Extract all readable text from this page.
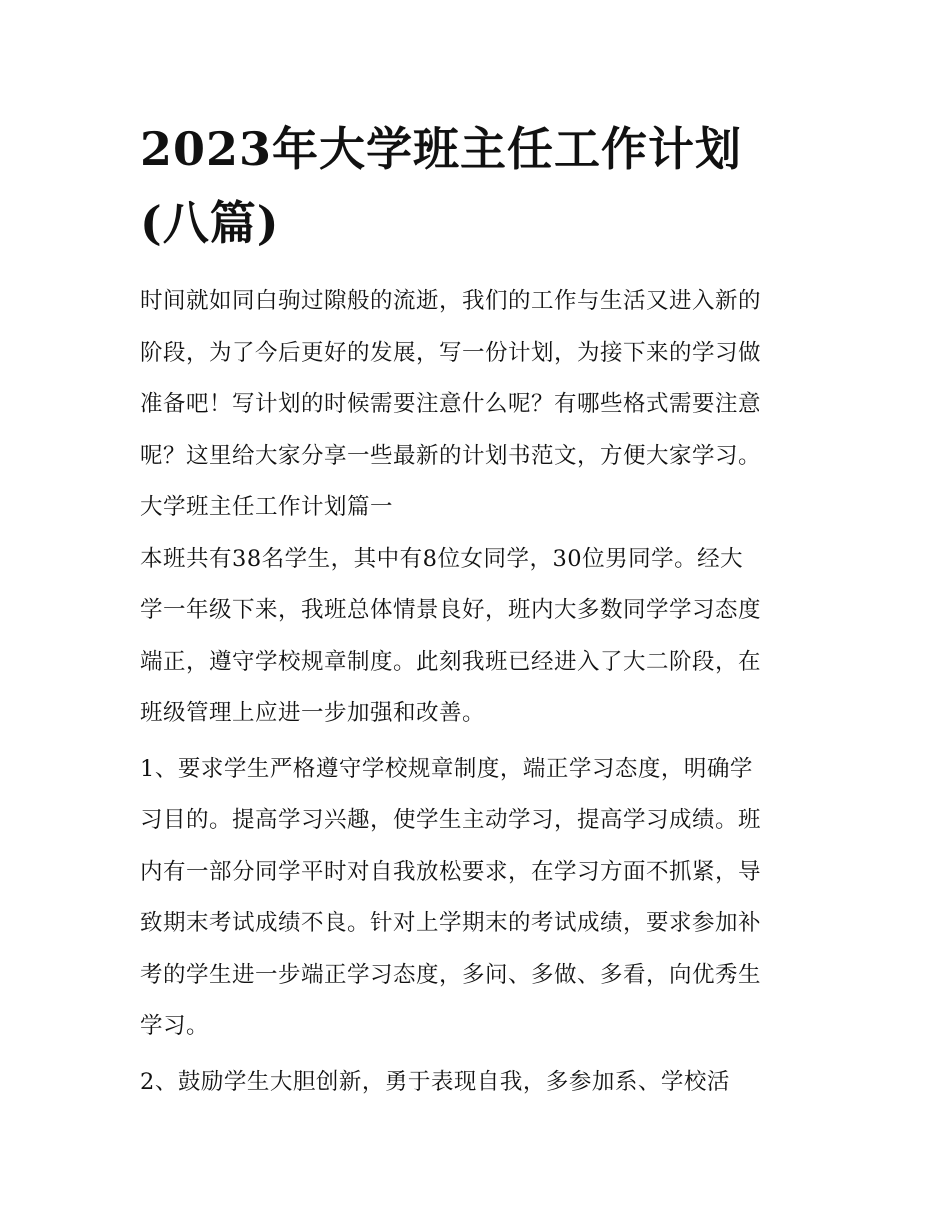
2023年大学班主任工作计划
(八篇)
时间就如同白驹过隙般的流逝，我们的工作与生活又进入新的
阶段，为了今后更好的发展，写一份计划，为接下来的学习做
准备吧！写计划的时候需要注意什么呢？有哪些格式需要注意
呢？这里给大家分享一些最新的计划书范文，方便大家学习。
大学班主任工作计划篇一
本班共有38名学生，其中有8位女同学，30位男同学。经大
学一年级下来，我班总体情景良好，班内大多数同学学习态度
端正，遵守学校规章制度。此刻我班已经进入了大二阶段，在
班级管理上应进一步加强和改善。
1、要求学生严格遵守学校规章制度，端正学习态度，明确学
习目的。提高学习兴趣，使学生主动学习，提高学习成绩。班
内有一部分同学平时对自我放松要求，在学习方面不抓紧，导
致期末考试成绩不良。针对上学期末的考试成绩，要求参加补
考的学生进一步端正学习态度，多问、多做、多看，向优秀生
学习。
2、鼓励学生大胆创新，勇于表现自我，多参加系、学校活
